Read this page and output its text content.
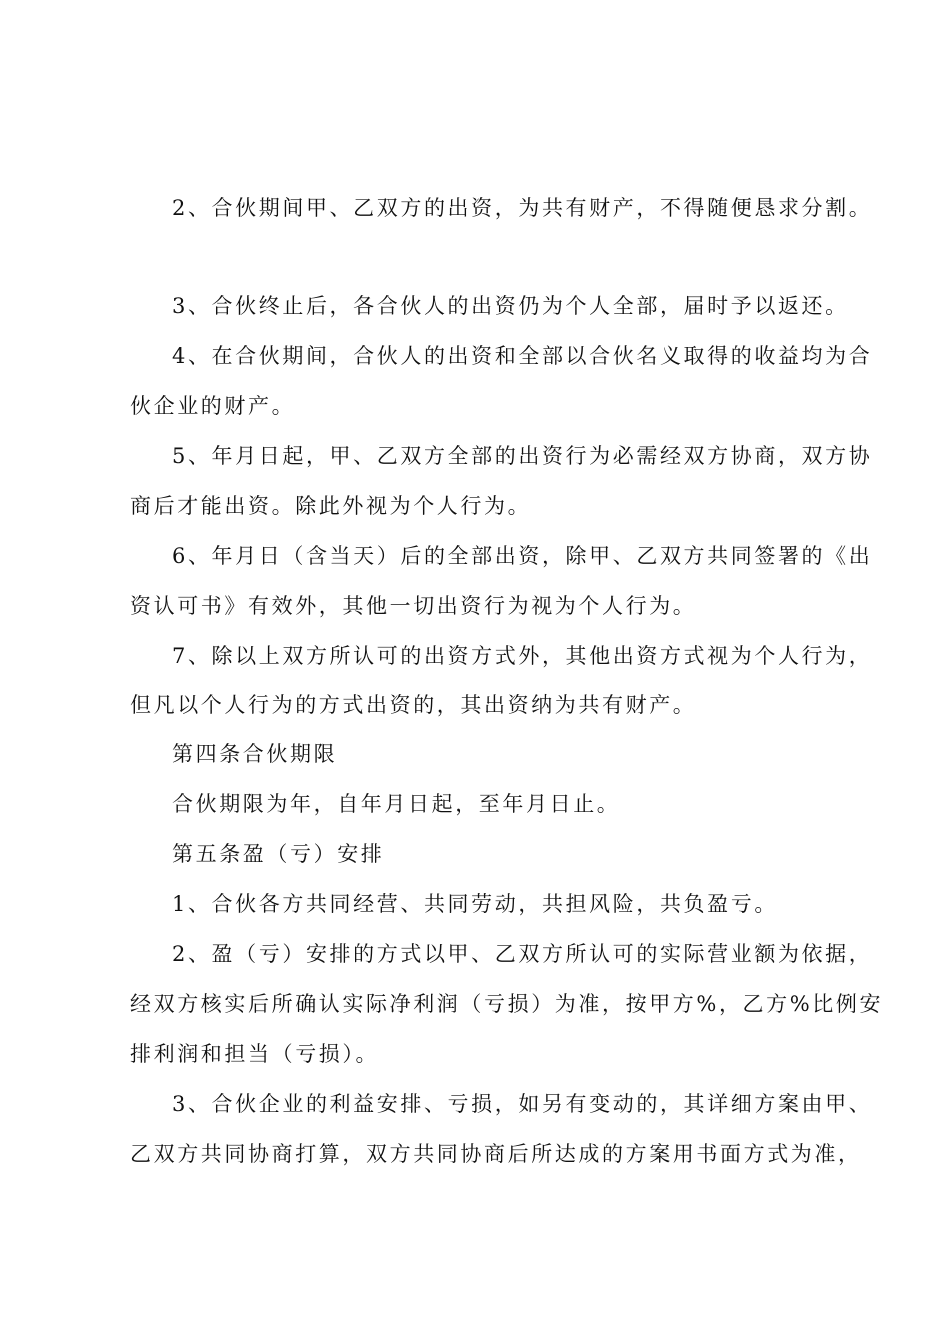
2、合伙期间甲、乙双方的出资，为共有财产，不得随便恳求分割。

3、合伙终止后，各合伙人的出资仍为个人全部，届时予以返还。

4、在合伙期间，合伙人的出资和全部以合伙名义取得的收益均为合

伙企业的财产。

5、年月日起，甲、乙双方全部的出资行为必需经双方协商，双方协

商后才能出资。除此外视为个人行为。

6、年月日（含当天）后的全部出资，除甲、乙双方共同签署的《出

资认可书》有效外，其他一切出资行为视为个人行为。

7、除以上双方所认可的出资方式外，其他出资方式视为个人行为，

但凡以个人行为的方式出资的，其出资纳为共有财产。

第四条合伙期限

合伙期限为年，自年月日起，至年月日止。

第五条盈（亏）安排

1、合伙各方共同经营、共同劳动，共担风险，共负盈亏。

2、盈（亏）安排的方式以甲、乙双方所认可的实际营业额为依据，

经双方核实后所确认实际净利润（亏损）为准，按甲方%，乙方%比例安

排利润和担当（亏损）。

3、合伙企业的利益安排、亏损，如另有变动的，其详细方案由甲、

乙双方共同协商打算，双方共同协商后所达成的方案用书面方式为准，
